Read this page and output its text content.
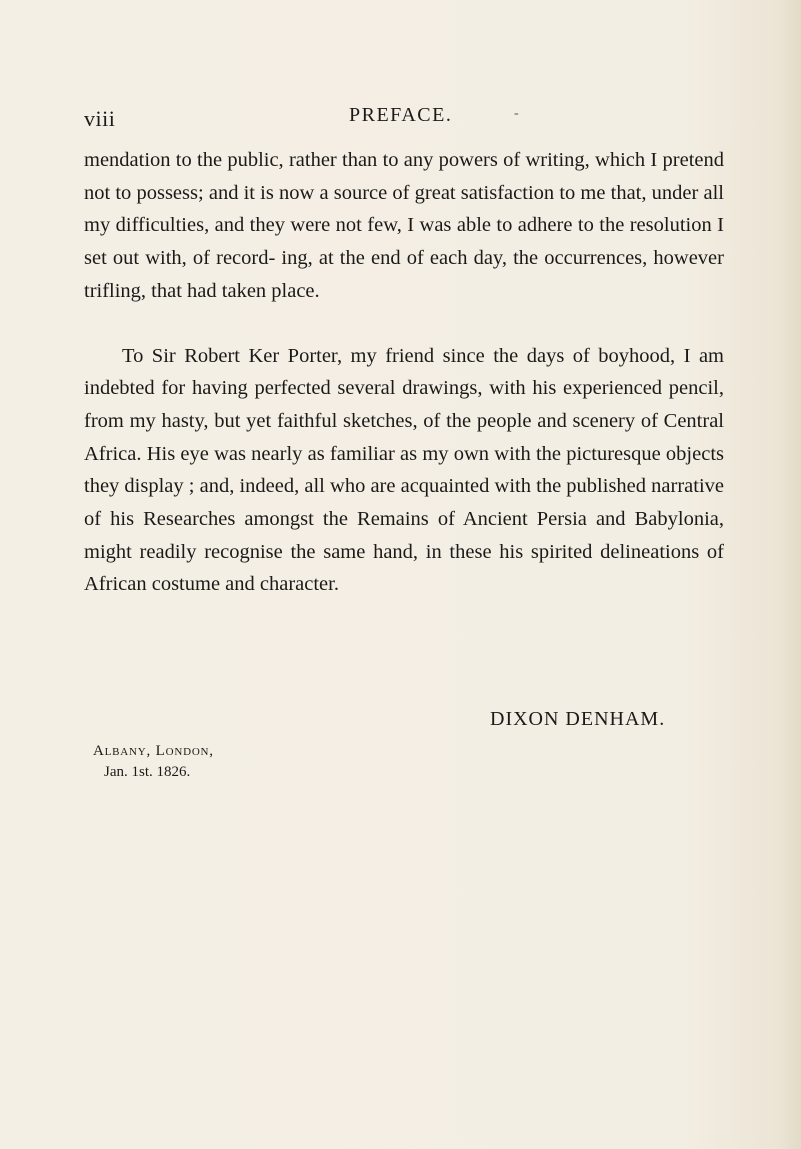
viii	PREFACE.	-

mendation to the public, rather than to any powers of writing, which I pretend not to possess; and it is now a source of great satisfaction to me that, under all my difficulties, and they were not few, I was able to adhere to the resolution I set out with, of record- ing, at the end of each day, the occurrences, however trifling, that had taken place.

To Sir Robert Ker Porter, my friend since the days of boyhood, I am indebted for having perfected several drawings, with his experienced pencil, from my hasty, but yet faithful sketches, of the people and scenery of Central Africa. His eye was nearly as familiar as my own with the picturesque objects they display ; and, indeed, all who are acquainted with the published narrative of his Researches amongst the Remains of Ancient Persia and Babylonia, might readily recognise the same hand, in these his spirited delineations of African costume and character.

DIXON DENHAM.
Albany, London,
Jan. 1st. 1826.
